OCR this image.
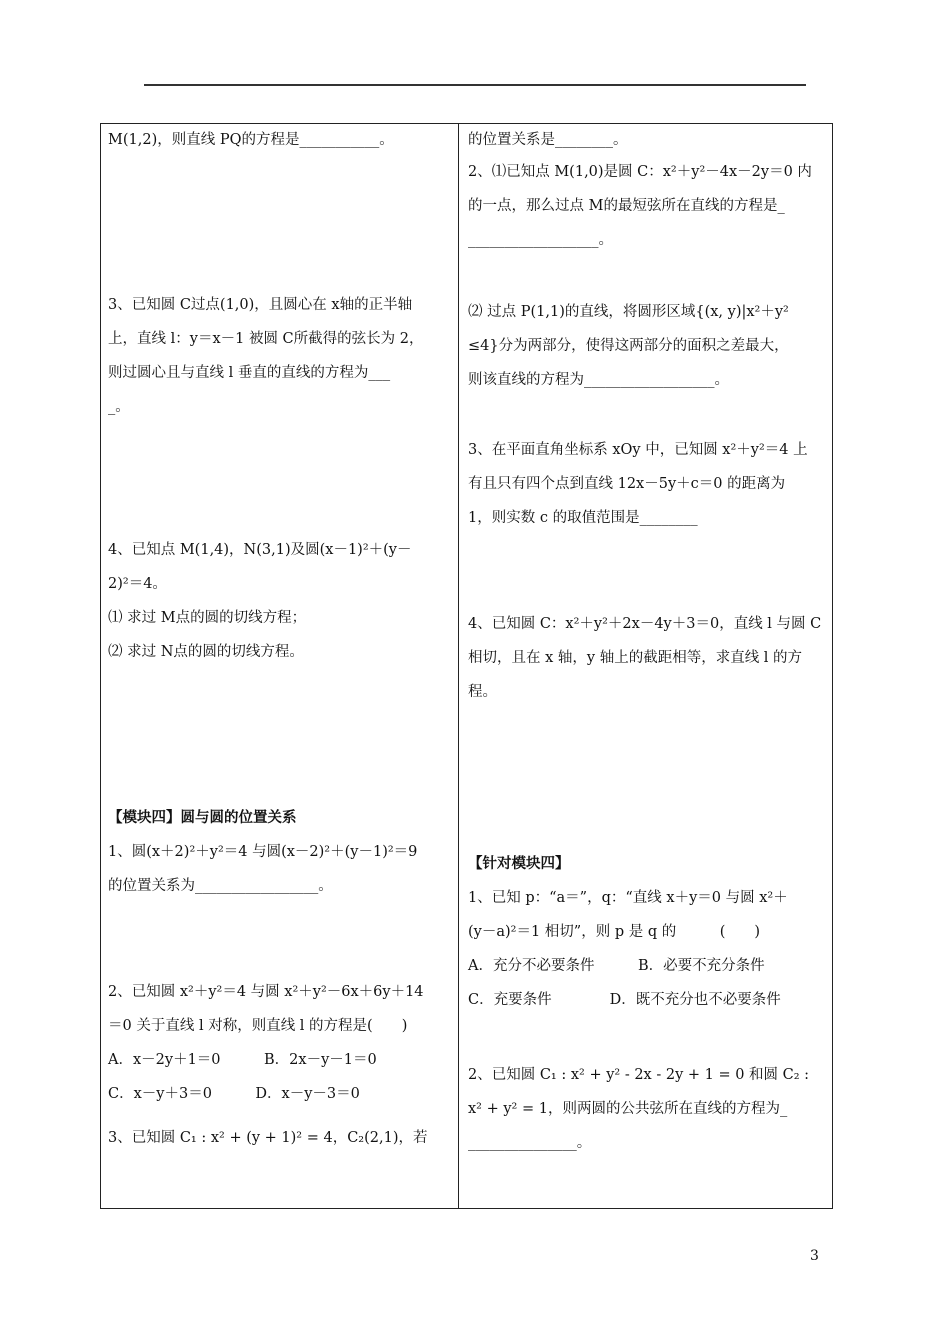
M(1,2)，则直线 PQ的方程是___________。
3、已知圆 C过点(1,0)，且圆心在 x轴的正半轴
上，直线 l：y＝x－1 被圆 C所截得的弦长为 2，
则过圆心且与直线 l 垂直的直线的方程为___
_。
4、已知点 M(1,4)，N(3,1)及圆(x－1)²＋(y－
2)²＝4。
⑴ 求过 M点的圆的切线方程；
⑵ 求过 N点的圆的切线方程。
【模块四】圆与圆的位置关系
1、圆(x＋2)²＋y²＝4 与圆(x－2)²＋(y－1)²＝9
的位置关系为_________________。
2、已知圆 x²＋y²＝4 与圆 x²＋y²－6x＋6y＋14
＝0 关于直线 l 对称，则直线 l 的方程是(　　)
A．x－2y＋1＝0　　　B．2x－y－1＝0
C．x－y＋3＝0　　　D．x－y－3＝0
3、已知圆 C₁ : x² + (y + 1)² = 4，C₂(2,1)，若
的位置关系是________。
2、⑴已知点 M(1,0)是圆 C：x²＋y²－4x－2y＝0 内
的一点，那么过点 M的最短弦所在直线的方程是_
__________________。
⑵ 过点 P(1,1)的直线，将圆形区域{(x, y)|x²＋y²
≤4}分为两部分，使得这两部分的面积之差最大，
则该直线的方程为__________________。
3、在平面直角坐标系 xOy 中，已知圆 x²＋y²＝4 上
有且只有四个点到直线 12x－5y＋c＝0 的距离为
1，则实数 c 的取值范围是________
4、已知圆 C：x²＋y²＋2x－4y＋3＝0，直线 l 与圆 C
相切，且在 x 轴，y 轴上的截距相等，求直线 l 的方
程。
【针对模块四】
1、已知 p：“a＝”，q：“直线 x＋y＝0 与圆 x²＋
(y－a)²＝1 相切”，则 p 是 q 的　　　(　　)
A．充分不必要条件　　　B．必要不充分条件
C．充要条件　　　　D．既不充分也不必要条件
2、已知圆 C₁ : x² + y² - 2x - 2y + 1 = 0 和圆 C₂ :
x² + y² = 1，则两圆的公共弦所在直线的方程为_
_______________。
3
